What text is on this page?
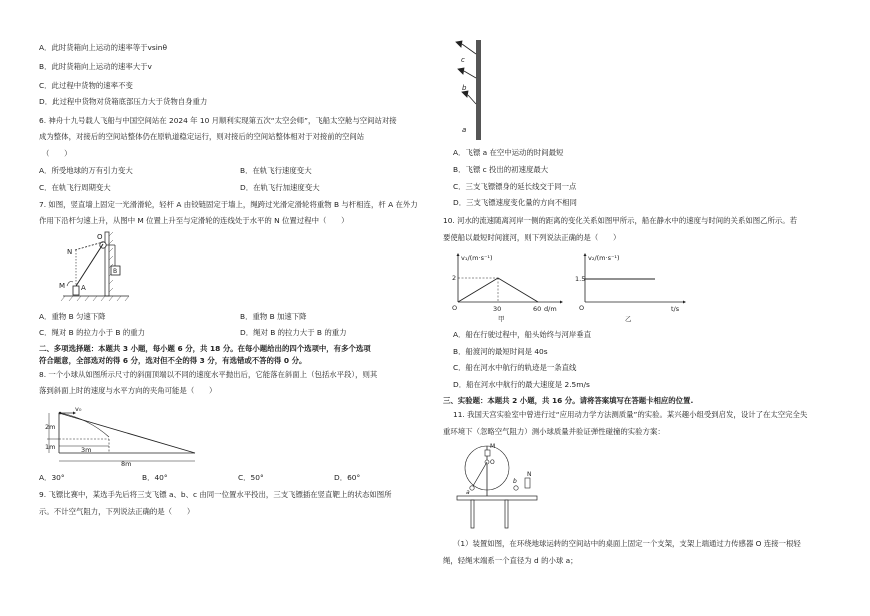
A．此时货箱向上运动的速率等于vsinθ
B．此时货箱向上运动的速率大于v
C．此过程中货物的速率不变
D．此过程中货物对货箱底部压力大于货物自身重力
6. 神舟十九号载人飞船与中国空间站在 2024 年 10 月顺利实现第五次“太空会师”，飞船太空舱与空间站对接
成为整体，对接后的空间站整体仍在原轨道稳定运行，则对接后的空间站整体相对于对接前的空间站
（　　）
A．所受地球的万有引力变大	B．在轨飞行速度变大
C．在轨飞行周期变大	D．在轨飞行加速度变大
7. 如图，竖直墙上固定一光滑滑轮，轻杆 A 由铰链固定于墙上，绳跨过光滑定滑轮将重物 B 与杆相连，杆 A 在外力
作用下沿杆匀速上升，从图中 M 位置上升至与定滑轮的连线处于水平的 N 位置过程中（　　）
N
O
M A
B
A．重物 B 匀速下降	B．重物 B 加速下降
C．绳对 B 的拉力小于 B 的重力	D．绳对 B 的拉力大于 B 的重力
二、多项选择题：本题共 3 小题，每小题 6 分，共 18 分。在每小题给出的四个选项中，有多个选项
符合题意，全部选对的得 6 分，选对但不全的得 3 分，有选错或不答的得 0 分。
8. 一个小球从如图所示尺寸的斜面顶端以不同的速度水平抛出后，它能落在斜面上（包括水平段），则其
落到斜面上时的速度与水平方向的夹角可能是（　　）
v₀
2m
1m	3m
8m
A．30°	B．40°	C．50°	D．60°
9. 飞镖比赛中，某选手先后将三支飞镖 a、b、c 由同一位置水平投出，三支飞镖插在竖直靶上的状态如图所
示。不计空气阻力，下列说法正确的是（　　）
c
b
a
A．飞镖 a 在空中运动的时间最短
B．飞镖 c 投出的初速度最大
C．三支飞镖镖身的延长线交于同一点
D．三支飞镖速度变化量的方向不相同
10. 河水的流速随离河岸一侧的距离的变化关系如图甲所示，船在静水中的速度与时间的关系如图乙所示。若
要使船以最短时间渡河，则下列说法正确的是（　　）
v₁/(m·s⁻¹)
2
O	30	60 d/m
甲
v₂/(m·s⁻¹)
1.5
O	t/s
乙
A．船在行驶过程中，船头始终与河岸垂直
B．船渡河的最短时间是 40s
C．船在河水中航行的轨迹是一条直线
D．船在河水中航行的最大速度是 2.5m/s
三、实验题：本题共 2 小题，共 16 分。请将答案填写在答题卡相应的位置.
11. 我国天宫实验室中曾进行过“应用动力学方法测质量”的实验。某兴趣小组受到启发，设计了在太空完全失
重环境下（忽略空气阻力）测小球质量并验证弹性碰撞的实验方案：
M
O
a
b
N
（1）装置如图，在环绕地球运转的空间站中的桌面上固定一个支架，支架上端通过力传感器 O 连接一根轻
绳，轻绳末端系一个直径为 d 的小球 a；
